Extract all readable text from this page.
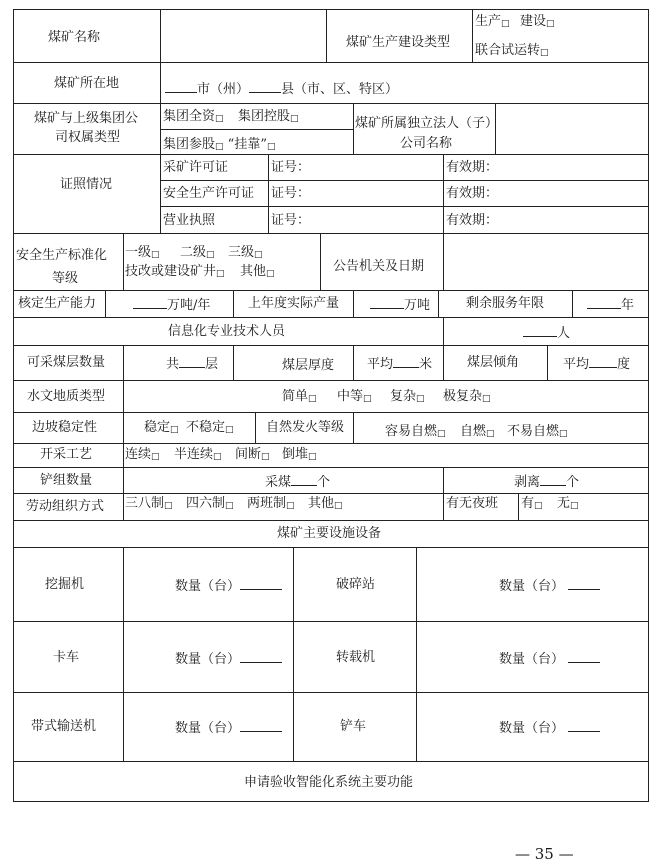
煤矿名称	煤矿生产建设类型
生产□ 建设□
联合试运转□
煤矿所在地	市（州） 县（市、区、特区）
煤矿与上级集团公
司权属类型
集团全资□ 集团控股□
集团参股□ “挂靠”□
煤矿所属独立法人（子）
公司名称
证照情况
采矿许可证	证号：	有效期：
安全生产许可证 证号：	有效期：
营业执照	证号：	有效期：
安全生产标准化
等级
一级□ 二级□ 三级□
技改或建设矿井□ 其他□	公告机关及日期
核定生产能力	万吨/年	上年度实际产量	万吨	剩余服务年限	年
信息化专业技术人员	人
可采煤层数量	共 层	煤层厚度	平均 米	煤层倾角	平均 度
水文地质类型	简单□ 中等□ 复杂□ 极复杂□
边坡稳定性	稳定□ 不稳定□ 自然发火等级	容易自燃□ 自燃□ 不易自燃□
开采工艺	连续□ 半连续□ 间断□ 倒堆□
铲组数量	采煤 个	剥离 个
劳动组织方式 三八制□ 四六制□ 两班制□ 其他□	有无夜班 有□ 无□
煤矿主要设施设备
挖掘机	数量（台）	破碎站	数量（台）
卡车	数量（台）	转载机	数量（台）
带式输送机	数量（台）	铲车	数量（台）
申请验收智能化系统主要功能
— 35 —
